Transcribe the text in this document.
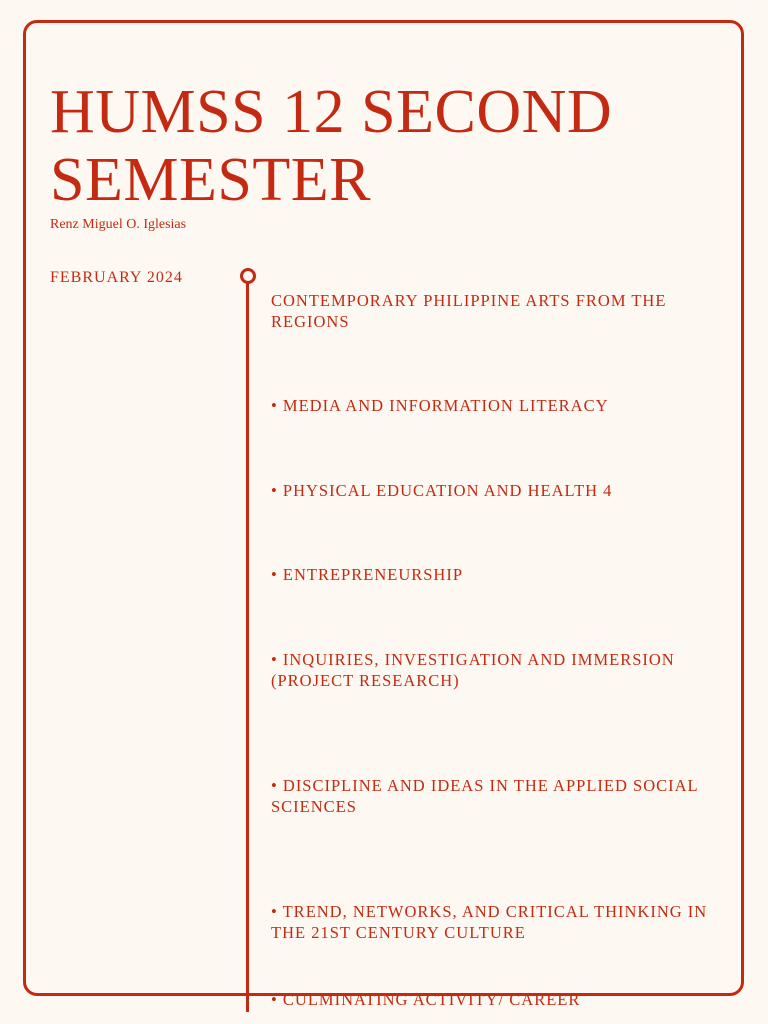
HUMSS 12 SECOND SEMESTER
Renz Miguel O. Iglesias
FEBRUARY 2024
CONTEMPORARY PHILIPPINE ARTS FROM THE REGIONS
• MEDIA AND INFORMATION LITERACY
• PHYSICAL EDUCATION AND HEALTH 4
• ENTREPRENEURSHIP
• INQUIRIES, INVESTIGATION AND IMMERSION (PROJECT RESEARCH)
• DISCIPLINE AND IDEAS IN THE APPLIED SOCIAL SCIENCES
• TREND, NETWORKS, AND CRITICAL THINKING IN THE 21ST CENTURY CULTURE
• CULMINATING ACTIVITY/ CAREER
